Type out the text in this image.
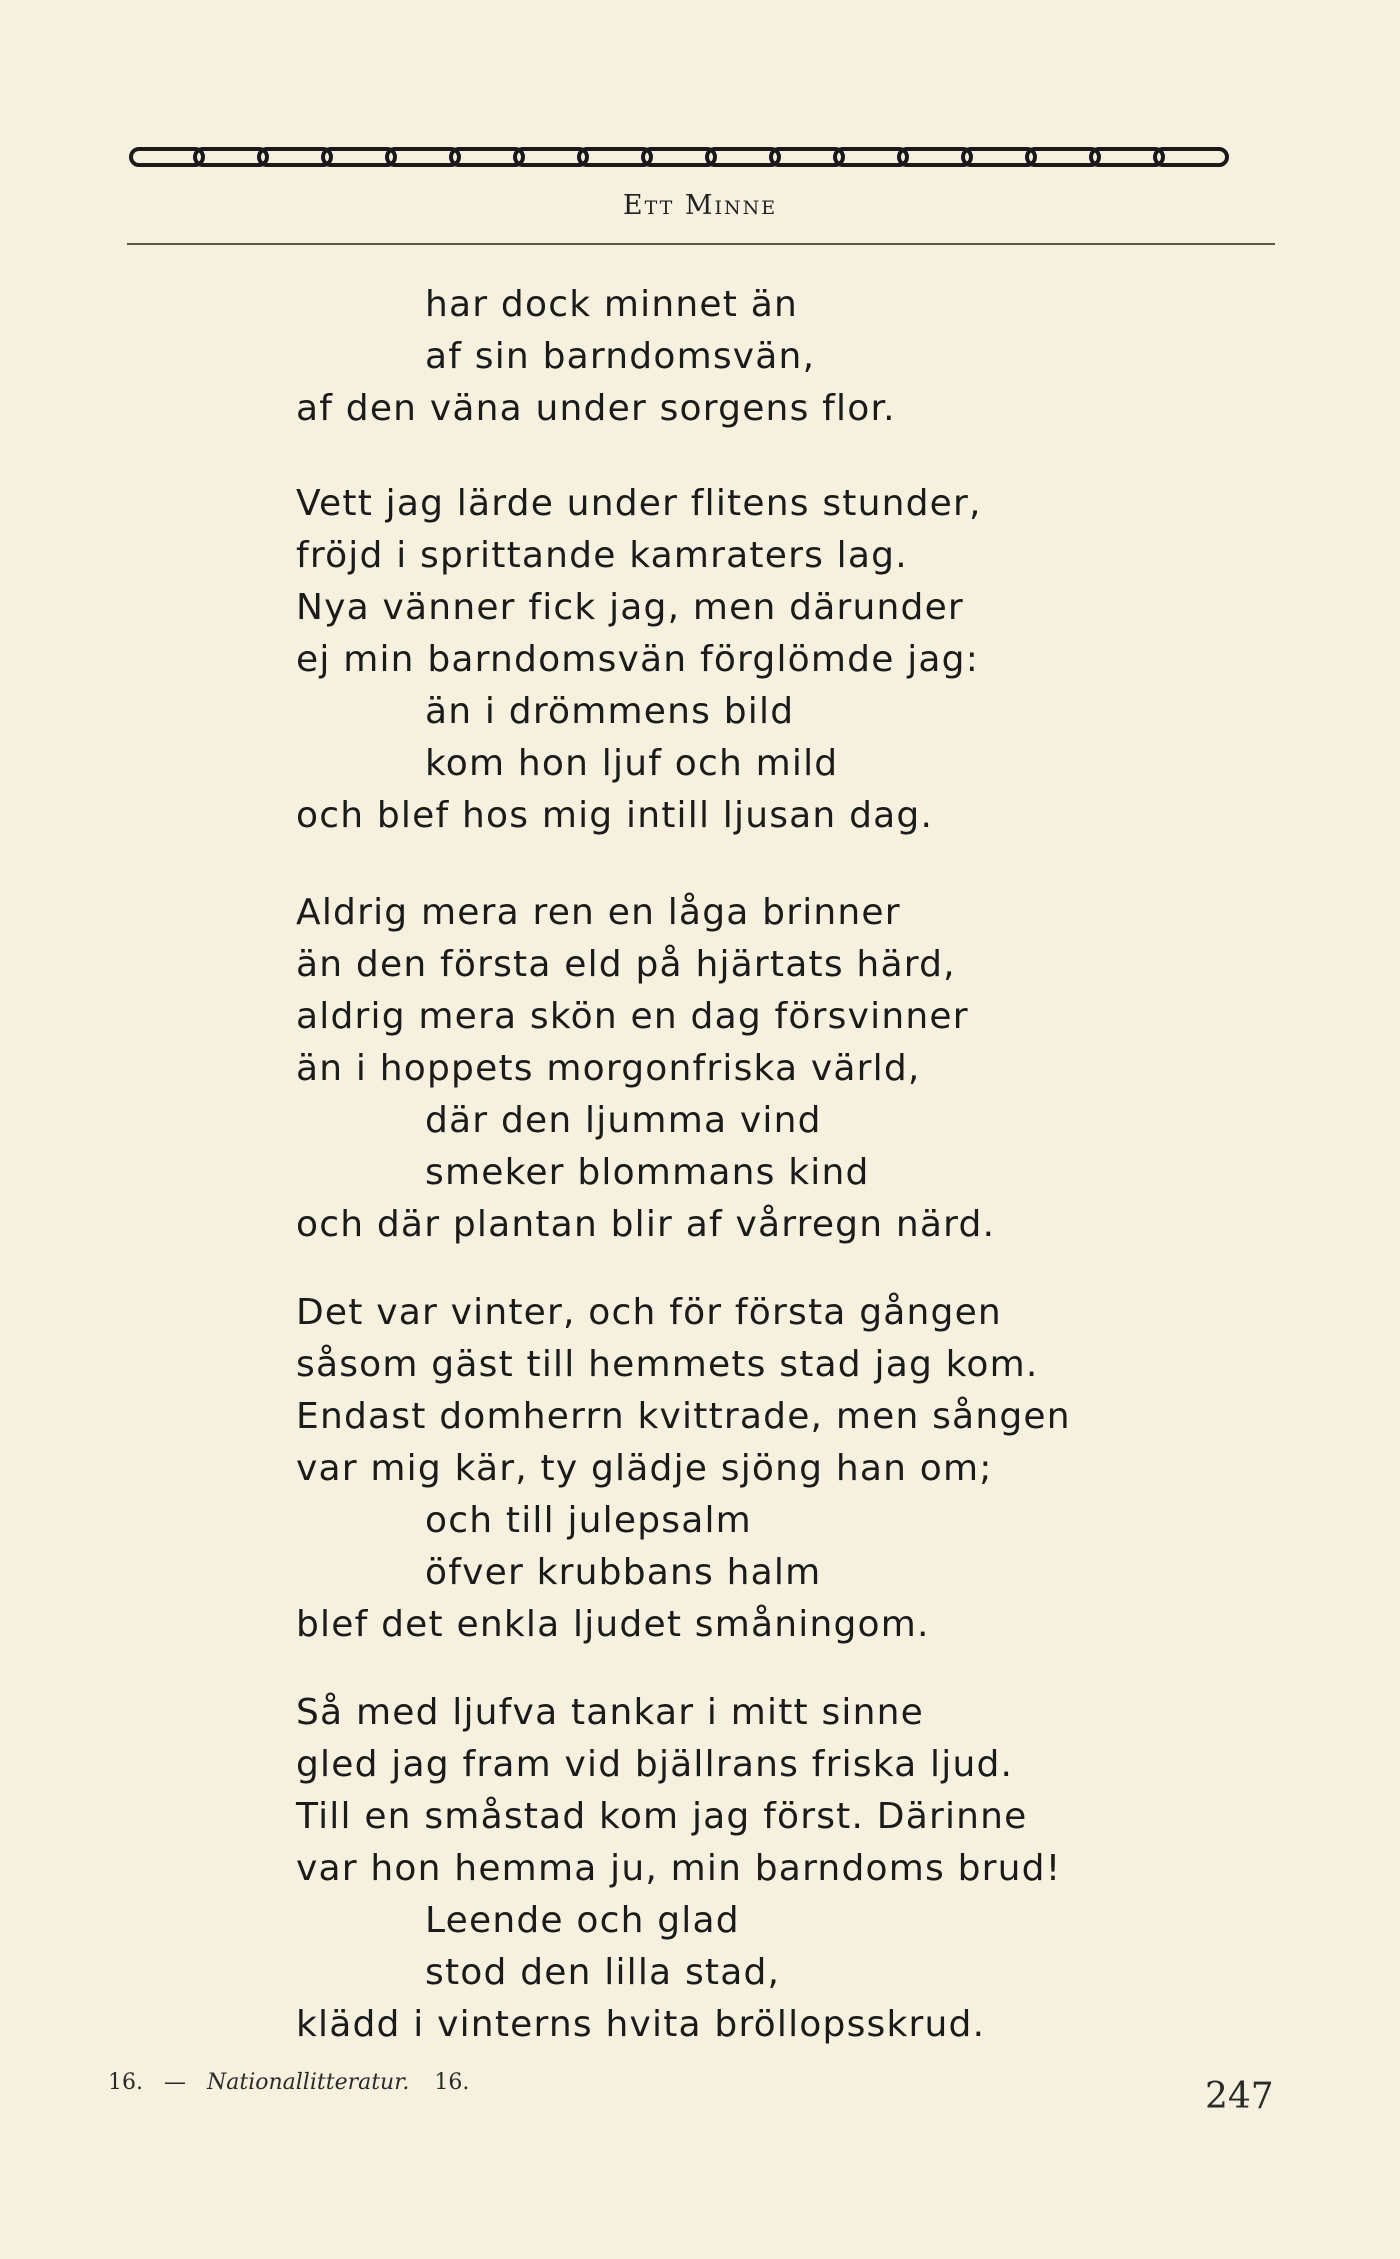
Ett Minne
har dock minnet än
af sin barndomsvän,
af den väna under sorgens flor.
Vett jag lärde under flitens stunder,
fröjd i sprittande kamraters lag.
Nya vänner fick jag, men därunder
ej min barndomsvän förglömde jag:
än i drömmens bild
kom hon ljuf och mild
och blef hos mig intill ljusan dag.
Aldrig mera ren en låga brinner
än den första eld på hjärtats härd,
aldrig mera skön en dag försvinner
än i hoppets morgonfriska värld,
där den ljumma vind
smeker blommans kind
och där plantan blir af vårregn närd.
Det var vinter, och för första gången
såsom gäst till hemmets stad jag kom.
Endast domherrn kvittrade, men sången
var mig kär, ty glädje sjöng han om;
och till julepsalm
öfver krubbans halm
blef det enkla ljudet småningom.
Så med ljufva tankar i mitt sinne
gled jag fram vid bjällrans friska ljud.
Till en småstad kom jag först. Därinne
var hon hemma ju, min barndoms brud!
Leende och glad
stod den lilla stad,
klädd i vinterns hvita bröllopsskrud.
16. — Nationallitteratur. 16.	247
